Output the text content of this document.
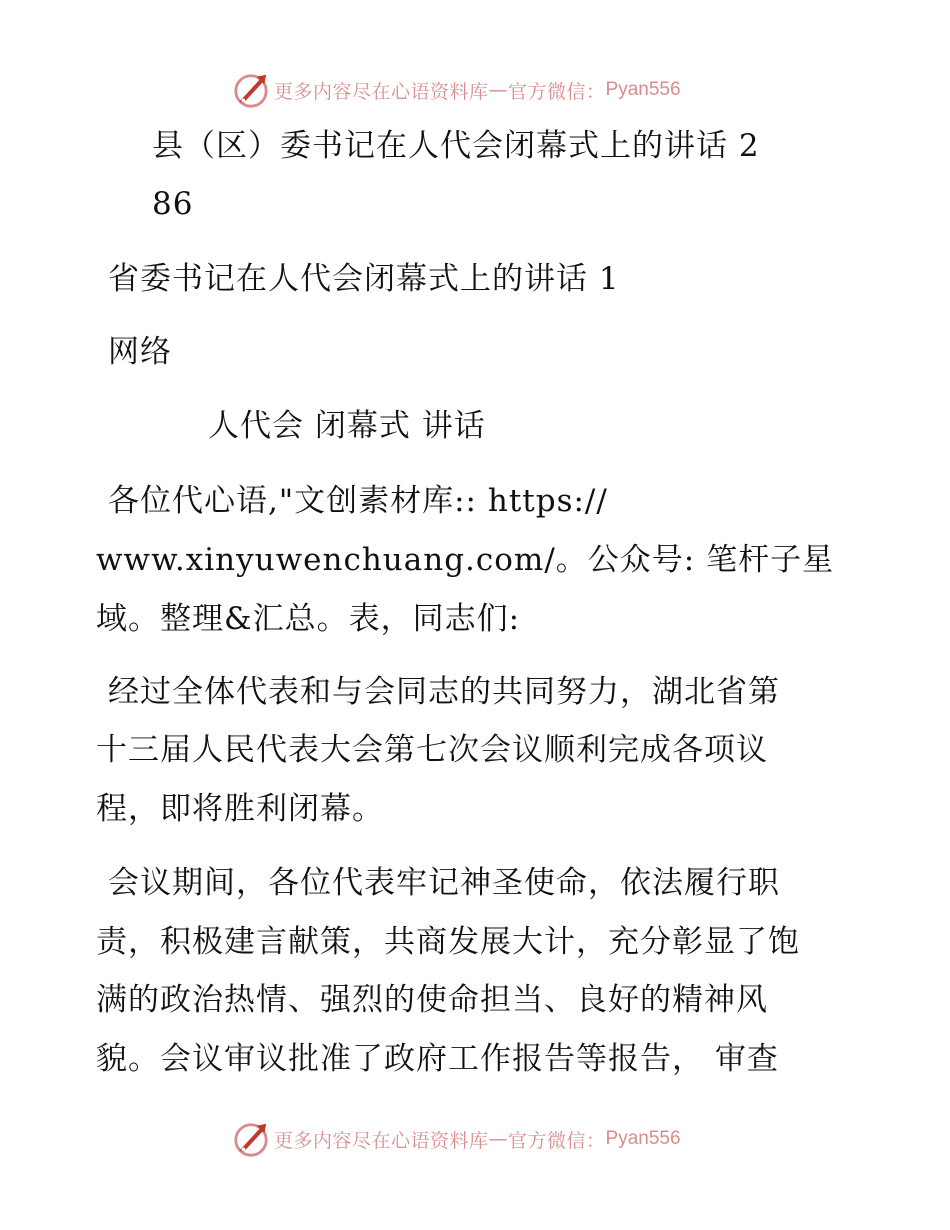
更多内容尽在心语资料库 — 官方微信： Pyan556
县（区）委书记在人代会闭幕式上的讲话 2
86
省委书记在人代会闭幕式上的讲话 1
网络
人代会 闭幕式 讲话
各位代心语,"文创素材库:: https://
www.xinyuwenchuang.com/。公众号: 笔杆子星
域。整理&汇总。表，同志们:
经过全体代表和与会同志的共同努力，湖北省第
十三届人民代表大会第七次会议顺利完成各项议
程，即将胜利闭幕。
会议期间，各位代表牢记神圣使命，依法履行职
责，积极建言献策，共商发展大计，充分彰显了饱
满的政治热情、强烈的使命担当、良好的精神风
貌。会议审议批准了政府工作报告等报告， 审查
更多内容尽在心语资料库 — 官方微信： Pyan556
